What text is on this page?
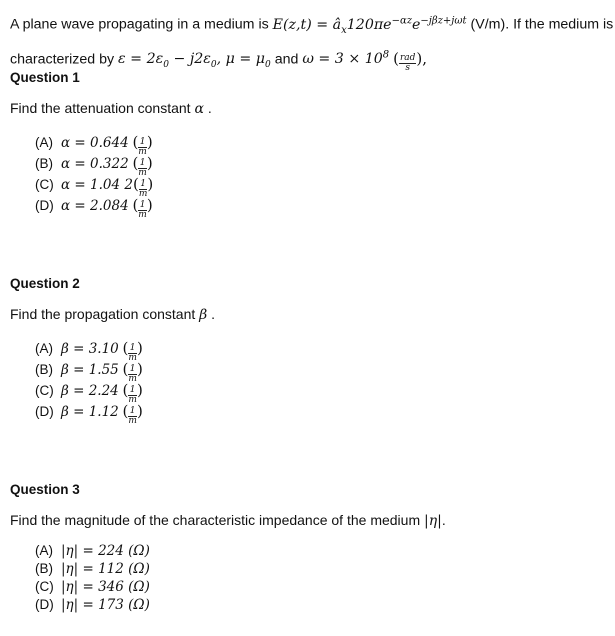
A plane wave propagating in a medium is $E(z,t) = â_x120\pi e^{-\alpha z}e^{-j\beta z+j\omega t}$ (V/m). If the medium is
characterized by $\varepsilon = 2\varepsilon_0 - j2\varepsilon_0$, $\mu = \mu_0$ and $\omega = 3 \times 10^8$ ( $\frac{\text{rad}}{s}$ ),
Question 1
Find the attenuation constant α .
(A) α = 0.644 ( $\frac{1}{m}$ )
(B) α = 0.322 ( $\frac{1}{m}$ )
(C) α = 1.04 $2( \frac{1}{m}$ )
(D) α = 2.084 ( $\frac{1}{m}$ )
Question 2
Find the propagation constant β .
(A) β = 3.10 ( $\frac{1}{m}$ )
(B) β = 1.55 ( $\frac{1}{m}$ )
(C) β = 2.24 ( $\frac{1}{m}$ )
(D) β = 1.12 ( $\frac{1}{m}$ )
Question 3
Find the magnitude of the characteristic impedance of the medium |η|.
(A) |η| = 224 (Ω)
(B) |η| = 112 (Ω)
(C) |η| = 346 (Ω)
(D) |η| = 173 (Ω)
